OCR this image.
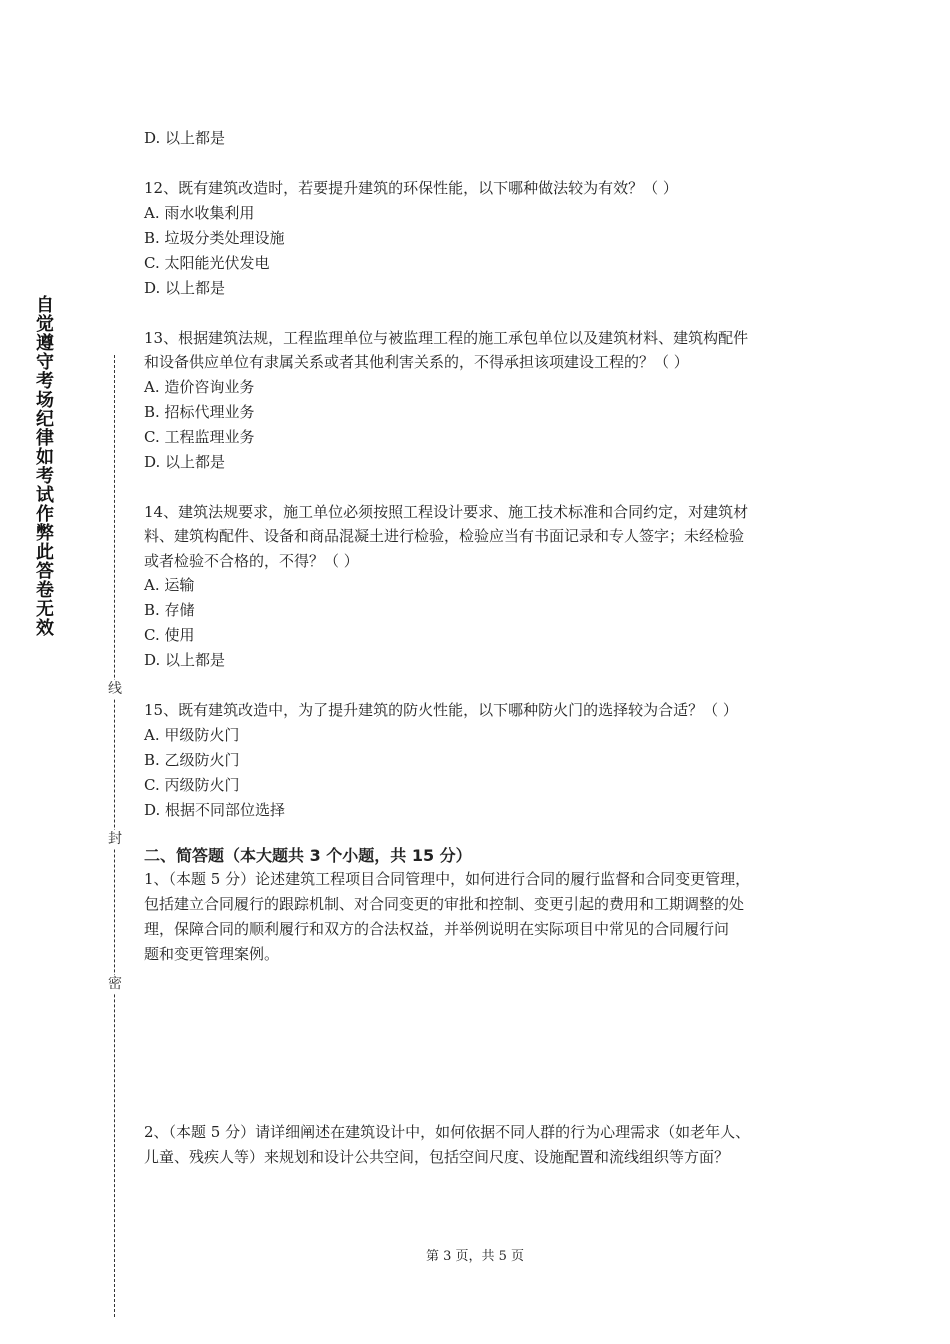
自觉遵守考场纪律如考试作弊此答卷无效
线
封
密
D. 以上都是
12、既有建筑改造时，若要提升建筑的环保性能，以下哪种做法较为有效？（ ）
A. 雨水收集利用
B. 垃圾分类处理设施
C. 太阳能光伏发电
D. 以上都是
13、根据建筑法规，工程监理单位与被监理工程的施工承包单位以及建筑材料、建筑构配件
和设备供应单位有隶属关系或者其他利害关系的，不得承担该项建设工程的？（ ）
A. 造价咨询业务
B. 招标代理业务
C. 工程监理业务
D. 以上都是
14、建筑法规要求，施工单位必须按照工程设计要求、施工技术标准和合同约定，对建筑材
料、建筑构配件、设备和商品混凝土进行检验，检验应当有书面记录和专人签字；未经检验
或者检验不合格的，不得？（ ）
A. 运输
B. 存储
C. 使用
D. 以上都是
15、既有建筑改造中，为了提升建筑的防火性能，以下哪种防火门的选择较为合适？（ ）
A. 甲级防火门
B. 乙级防火门
C. 丙级防火门
D. 根据不同部位选择
二、简答题（本大题共 3 个小题，共 15 分）
1、（本题 5 分）论述建筑工程项目合同管理中，如何进行合同的履行监督和合同变更管理，
包括建立合同履行的跟踪机制、对合同变更的审批和控制、变更引起的费用和工期调整的处
理，保障合同的顺利履行和双方的合法权益，并举例说明在实际项目中常见的合同履行问
题和变更管理案例。
2、（本题 5 分）请详细阐述在建筑设计中，如何依据不同人群的行为心理需求（如老年人、
儿童、残疾人等）来规划和设计公共空间，包括空间尺度、设施配置和流线组织等方面？
第 3 页，共 5 页
